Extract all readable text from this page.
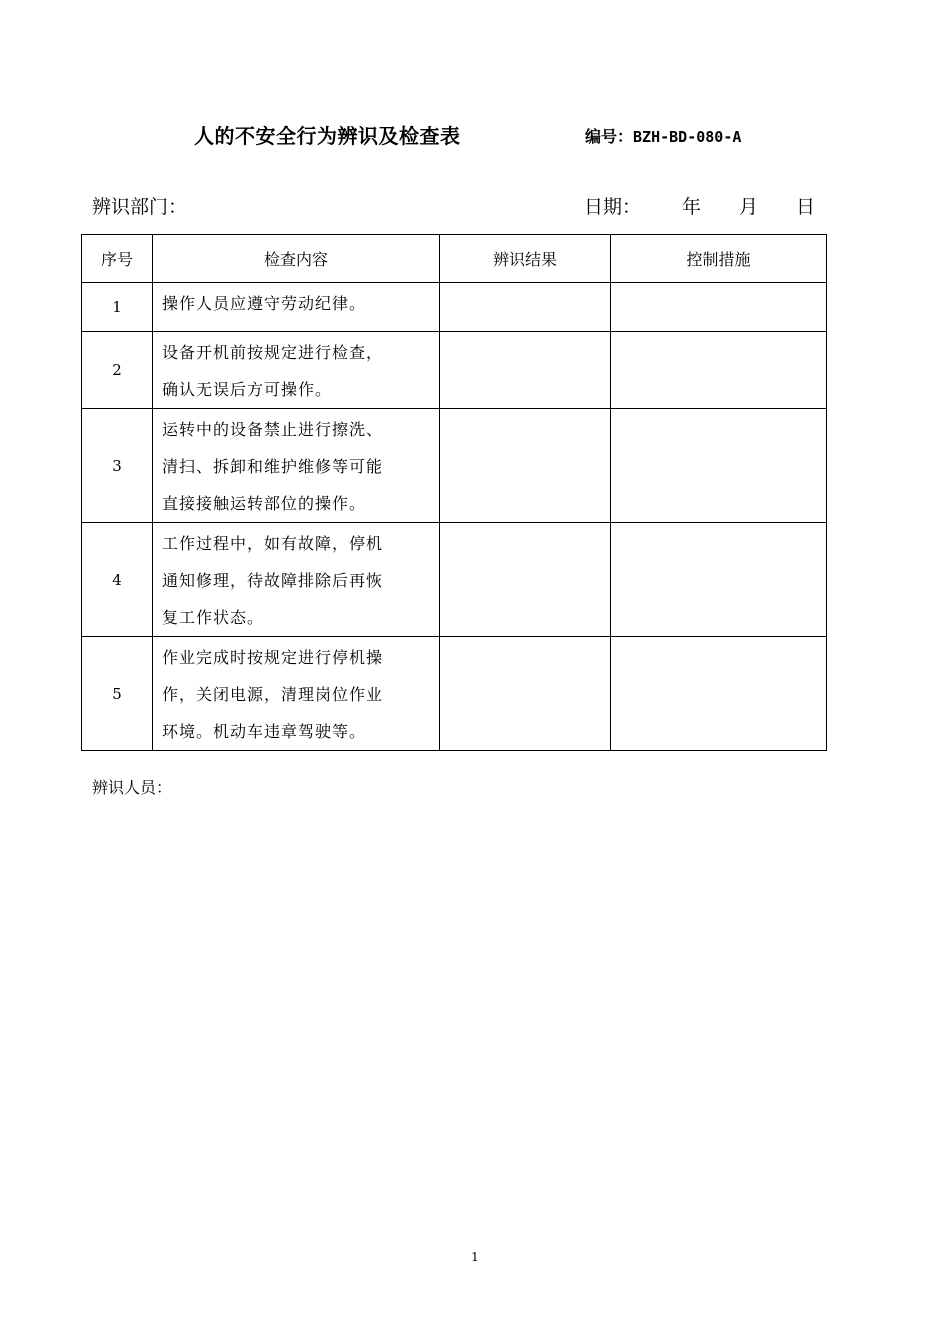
人的不安全行为辨识及检查表	编号：BZH-BD-080-A
辨识部门：	日期： 年 月 日
序号	检查内容	辨识结果	控制措施
1	操作人员应遵守劳动纪律。		

2	设备开机前按规定进行检查，
确认无误后方可操作。		

3	运转中的设备禁止进行擦洗、
清扫、拆卸和维护维修等可能
直接接触运转部位的操作。		

4	工作过程中，如有故障，停机
通知修理，待故障排除后再恢
复工作状态。		

5	作业完成时按规定进行停机操
作，关闭电源，清理岗位作业
环境。机动车违章驾驶等。		

辨识人员：
1
